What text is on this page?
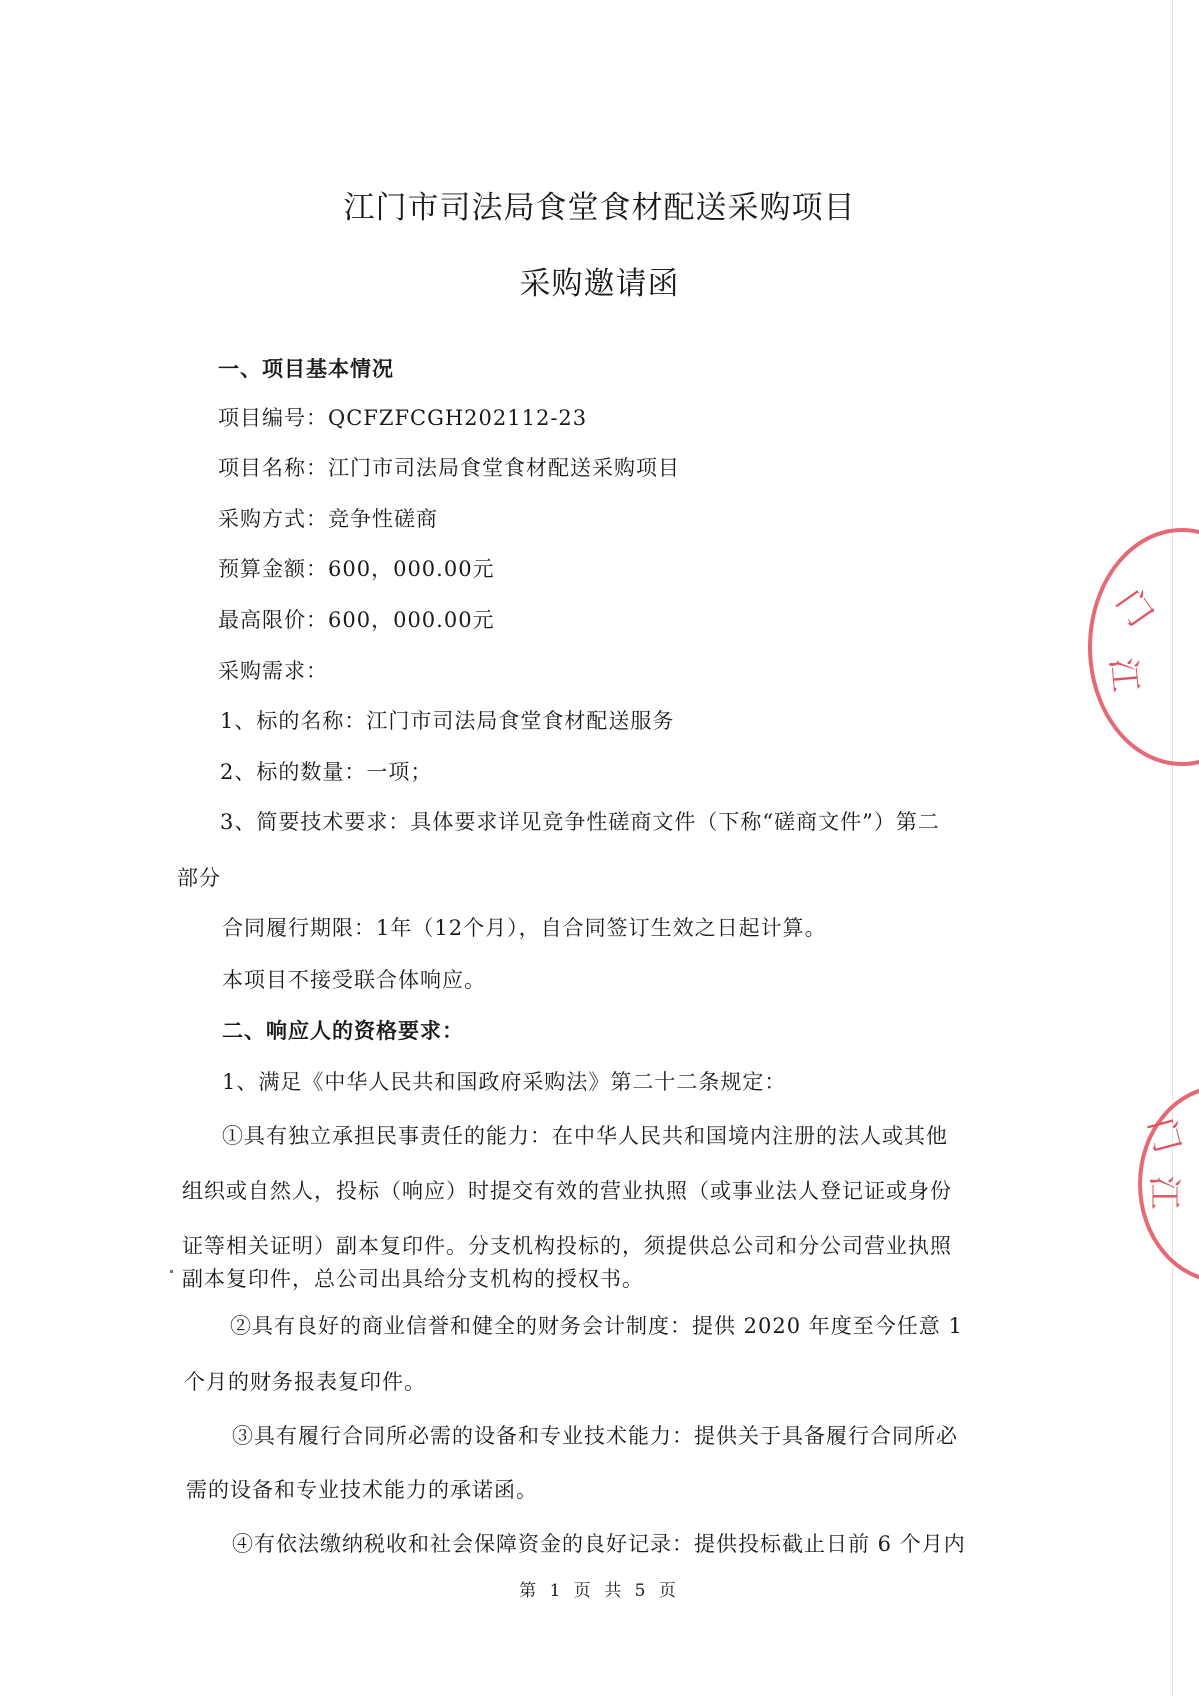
江门市司法局食堂食材配送采购项目
采购邀请函
一、项目基本情况
项目编号：QCFZFCGH202112-23
项目名称：江门市司法局食堂食材配送采购项目
采购方式：竞争性磋商
预算金额：600，000.00元
最高限价：600，000.00元
采购需求：
1、标的名称：江门市司法局食堂食材配送服务
2、标的数量：一项；
3、简要技术要求：具体要求详见竞争性磋商文件（下称“磋商文件”）第二
部分
合同履行期限：1年（12个月），自合同签订生效之日起计算。
本项目不接受联合体响应。
二、响应人的资格要求：
1、满足《中华人民共和国政府采购法》第二十二条规定：
①具有独立承担民事责任的能力：在中华人民共和国境内注册的法人或其他
组织或自然人，投标（响应）时提交有效的营业执照（或事业法人登记证或身份
证等相关证明）副本复印件。分支机构投标的，须提供总公司和分公司营业执照
副本复印件，总公司出具给分支机构的授权书。
②具有良好的商业信誉和健全的财务会计制度：提供 2020 年度至今任意 1
个月的财务报表复印件。
③具有履行合同所必需的设备和专业技术能力：提供关于具备履行合同所必
需的设备和专业技术能力的承诺函。
④有依法缴纳税收和社会保障资金的良好记录：提供投标截止日前 6 个月内
第 1 页 共 5 页
门
江
门
江
